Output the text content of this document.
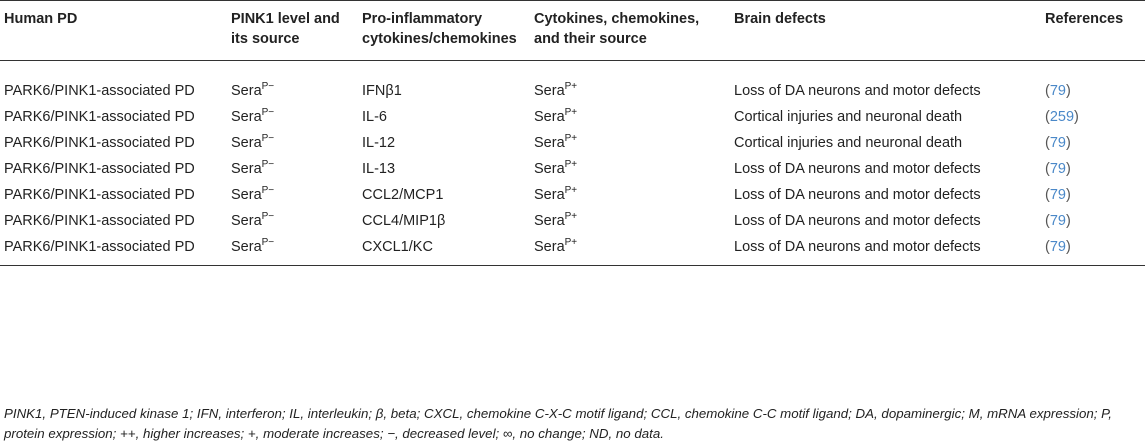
Human PD	PINK1 level and its source	Pro-inflammatory cytokines/chemokines	Cytokines, chemokines, and their source	Brain defects	References
PARK6/PINK1-associated PD	Sera$^{P-}$	IFNβ1	Sera$^{P+}$	Loss of DA neurons and motor defects	(79)
PARK6/PINK1-associated PD	Sera$^{P-}$	IL-6	Sera$^{P+}$	Cortical injuries and neuronal death	(259)
PARK6/PINK1-associated PD	Sera$^{P-}$	IL-12	Sera$^{P+}$	Cortical injuries and neuronal death	(79)
PARK6/PINK1-associated PD	Sera$^{P-}$	IL-13	Sera$^{P+}$	Loss of DA neurons and motor defects	(79)
PARK6/PINK1-associated PD	Sera$^{P-}$	CCL2/MCP1	Sera$^{P+}$	Loss of DA neurons and motor defects	(79)
PARK6/PINK1-associated PD	Sera$^{P-}$	CCL4/MIP1β	Sera$^{P+}$	Loss of DA neurons and motor defects	(79)
PARK6/PINK1-associated PD	Sera$^{P-}$	CXCL1/KC	Sera$^{P+}$	Loss of DA neurons and motor defects	(79)
PINK1, PTEN-induced kinase 1; IFN, interferon; IL, interleukin; β, beta; CXCL, chemokine C-X-C motif ligand; CCL, chemokine C-C motif ligand; DA, dopaminergic; M, mRNA expression; P, protein expression; ++, higher increases; +, moderate increases; −, decreased level; ∞, no change; ND, no data.
